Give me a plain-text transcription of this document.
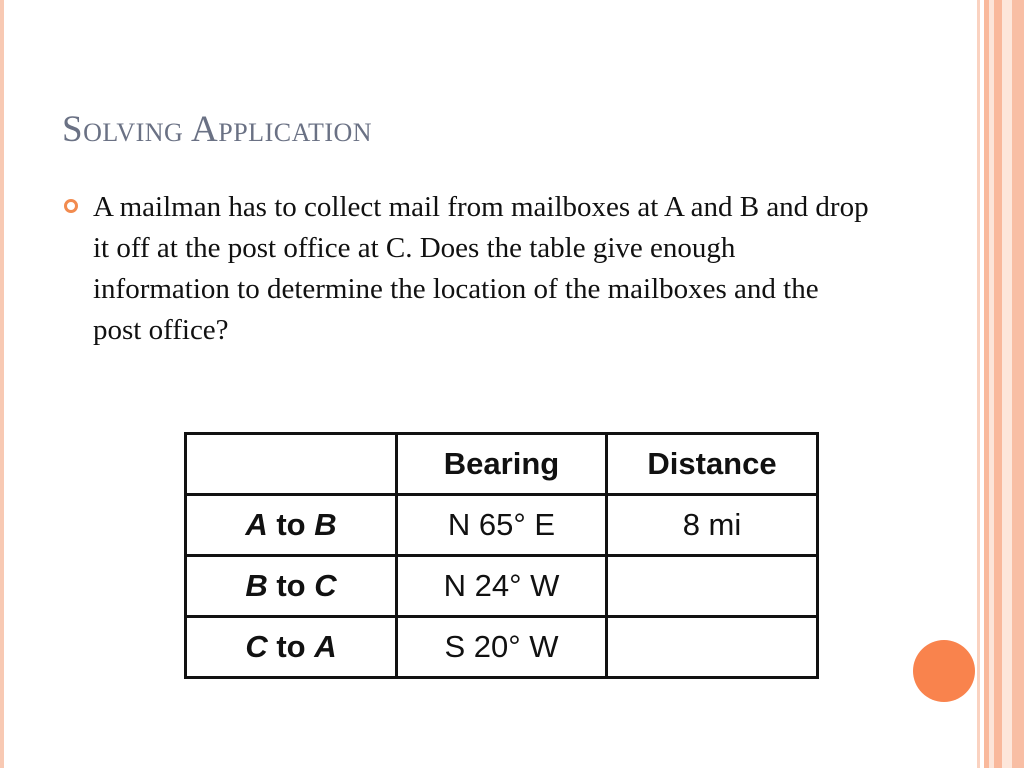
Solving Application

A mailman has to collect mail from mailboxes at A and B and drop it off at the post office at C. Does the table give enough information to determine the location of the mailboxes and the post office?

	Bearing	Distance
A to B	N 65° E	8 mi
B to C	N 24° W	
C to A	S 20° W	
